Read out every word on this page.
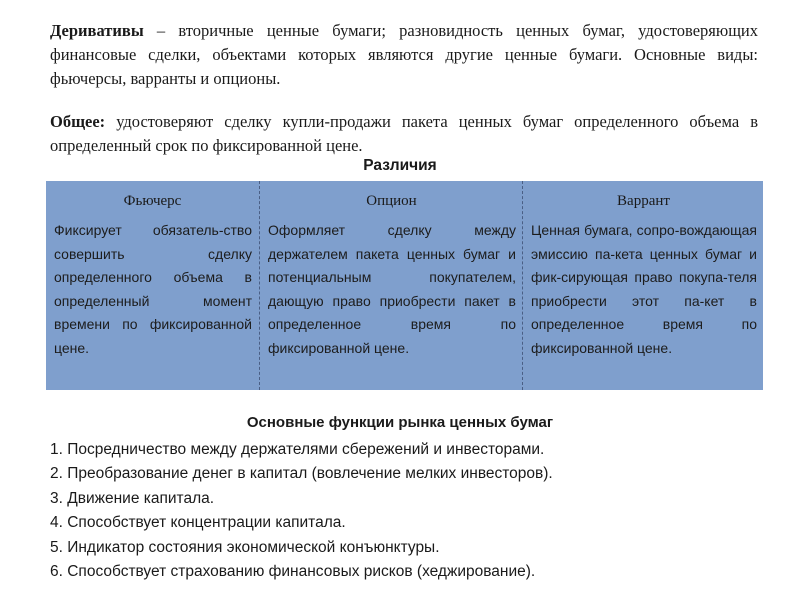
Деривативы – вторичные ценные бумаги; разновидность ценных бумаг, удостоверяющих финансовые сделки, объектами которых являются другие ценные бумаги. Основные виды: фьючерсы, варранты и опционы.

Общее: удостоверяют сделку купли-продажи пакета ценных бумаг определенного объема в определенный срок по фиксированной цене.

Различия
Фьючерс

Фиксирует обязатель-ство совершить сделку определенного объема в определенный момент времени по фиксированной цене.

Опцион

Оформляет сделку между держателем пакета ценных бумаг и потенциальным покупателем, дающую право приобрести пакет в определенное время по фиксированной цене.

Варрант

Ценная бумага, сопро-вождающая эмиссию па-кета ценных бумаг и фик-сирующая право покупа-теля приобрести этот па-кет в определенное время по фиксированной цене.

Основные функции рынка ценных бумаг
1. Посредничество между держателями сбережений и инвесторами.
2. Преобразование денег в капитал (вовлечение мелких инвесторов).
3. Движение капитала.
4. Способствует концентрации капитала.
5. Индикатор состояния экономической конъюнктуры.
6. Способствует страхованию финансовых рисков (хеджирование).
